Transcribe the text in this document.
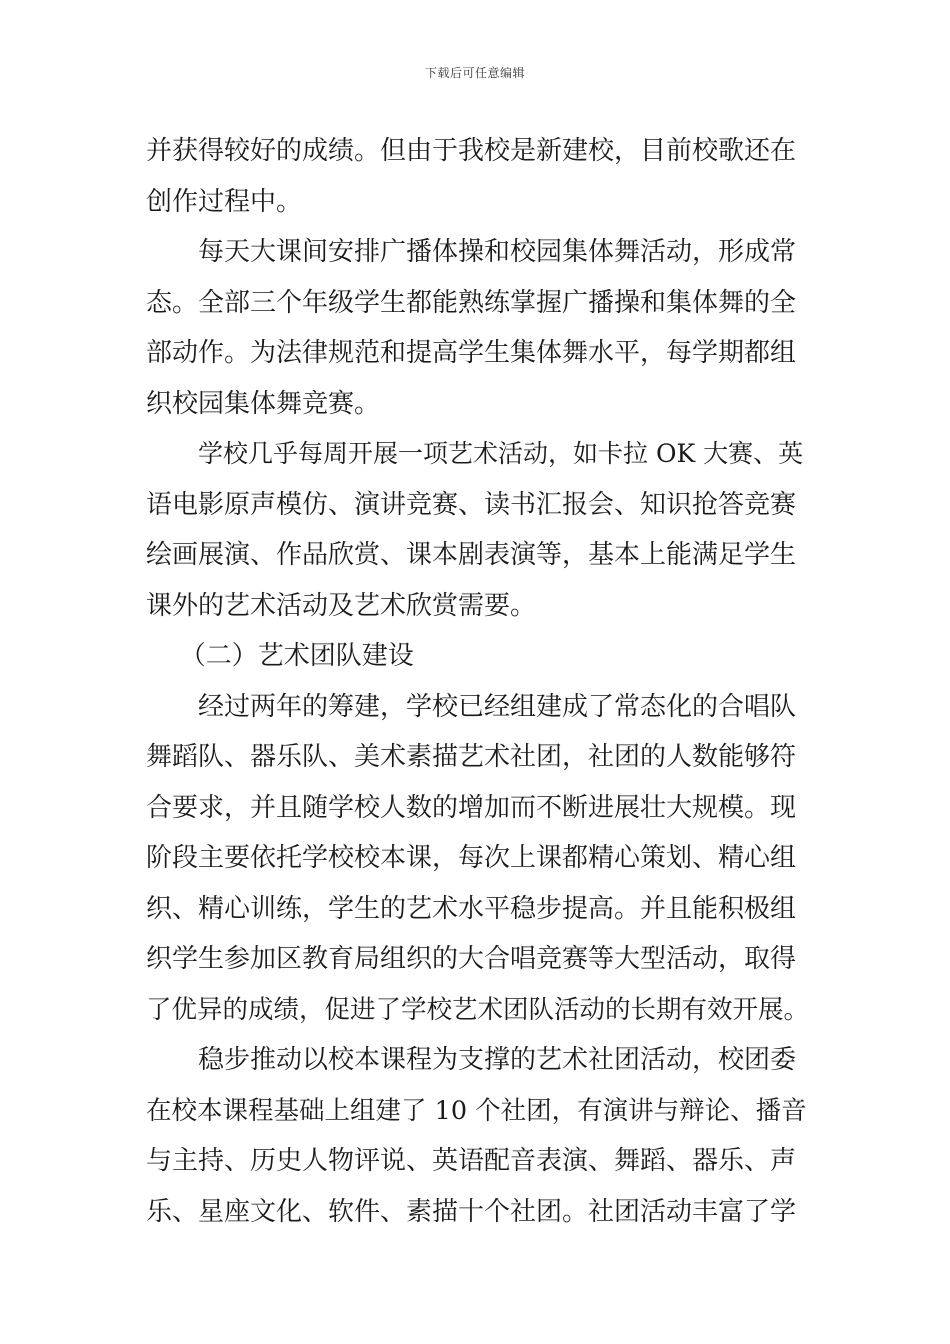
下载后可任意编辑
并获得较好的成绩。但由于我校是新建校，目前校歌还在
创作过程中。
每天大课间安排广播体操和校园集体舞活动，形成常
态。全部三个年级学生都能熟练掌握广播操和集体舞的全
部动作。为法律规范和提高学生集体舞水平，每学期都组
织校园集体舞竞赛。
学校几乎每周开展一项艺术活动，如卡拉 OK 大赛、英
语电影原声模仿、演讲竞赛、读书汇报会、知识抢答竞赛
绘画展演、作品欣赏、课本剧表演等，基本上能满足学生
课外的艺术活动及艺术欣赏需要。
（二）艺术团队建设
经过两年的筹建，学校已经组建成了常态化的合唱队
舞蹈队、器乐队、美术素描艺术社团，社团的人数能够符
合要求，并且随学校人数的增加而不断进展壮大规模。现
阶段主要依托学校校本课，每次上课都精心策划、精心组
织、精心训练，学生的艺术水平稳步提高。并且能积极组
织学生参加区教育局组织的大合唱竞赛等大型活动，取得
了优异的成绩，促进了学校艺术团队活动的长期有效开展。
稳步推动以校本课程为支撑的艺术社团活动，校团委
在校本课程基础上组建了 10 个社团，有演讲与辩论、播音
与主持、历史人物评说、英语配音表演、舞蹈、器乐、声
乐、星座文化、软件、素描十个社团。社团活动丰富了学
